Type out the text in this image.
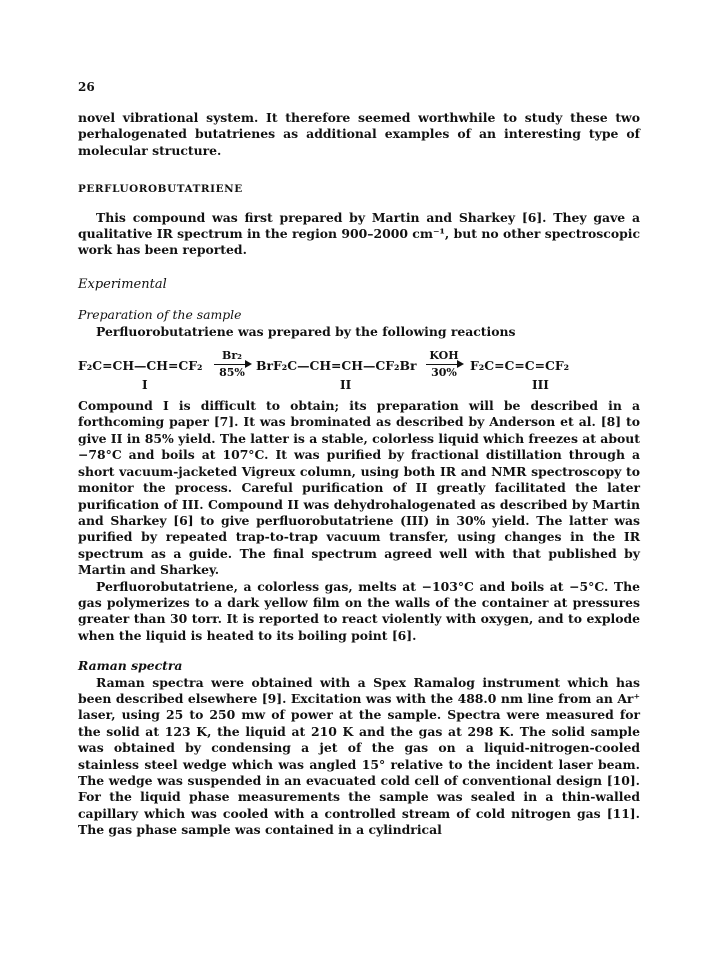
26

novel vibrational system. It therefore seemed worthwhile to study these two perhalogenated butatrienes as additional examples of an interesting type of molecular structure.

PERFLUOROBUTATRIENE

This compound was first prepared by Martin and Sharkey [6]. They gave a qualitative IR spectrum in the region 900–2000 cm⁻¹, but no other spectroscopic work has been reported.

Experimental
Preparation of the sample

Perfluorobutatriene was prepared by the following reactions

F₂C=CH—CH=CF₂
Br₂
85% BrF₂C—CH=CH—CF₂Br
KOH
30%	F₂C=C=C=CF₂
I	II	III

Compound I is difficult to obtain; its preparation will be described in a forthcoming paper [7]. It was brominated as described by Anderson et al. [8] to give II in 85% yield. The latter is a stable, colorless liquid which freezes at about −78°C and boils at 107°C. It was purified by fractional distillation through a short vacuum-jacketed Vigreux column, using both IR and NMR spectroscopy to monitor the process. Careful purification of II greatly facilitated the later purification of III. Compound II was dehydrohalogenated as described by Martin and Sharkey [6] to give perfluorobutatriene (III) in 30% yield. The latter was purified by repeated trap-to-trap vacuum transfer, using changes in the IR spectrum as a guide. The final spectrum agreed well with that published by Martin and Sharkey.

Perfluorobutatriene, a colorless gas, melts at −103°C and boils at −5°C. The gas polymerizes to a dark yellow film on the walls of the container at pressures greater than 30 torr. It is reported to react violently with oxygen, and to explode when the liquid is heated to its boiling point [6].

Raman spectra

Raman spectra were obtained with a Spex Ramalog instrument which has been described elsewhere [9]. Excitation was with the 488.0 nm line from an Ar⁺ laser, using 25 to 250 mw of power at the sample. Spectra were measured for the solid at 123 K, the liquid at 210 K and the gas at 298 K. The solid sample was obtained by condensing a jet of the gas on a liquid-nitrogen-cooled stainless steel wedge which was angled 15° relative to the incident laser beam. The wedge was suspended in an evacuated cold cell of conventional design [10]. For the liquid phase measurements the sample was sealed in a thin-walled capillary which was cooled with a controlled stream of cold nitrogen gas [11]. The gas phase sample was contained in a cylindrical
